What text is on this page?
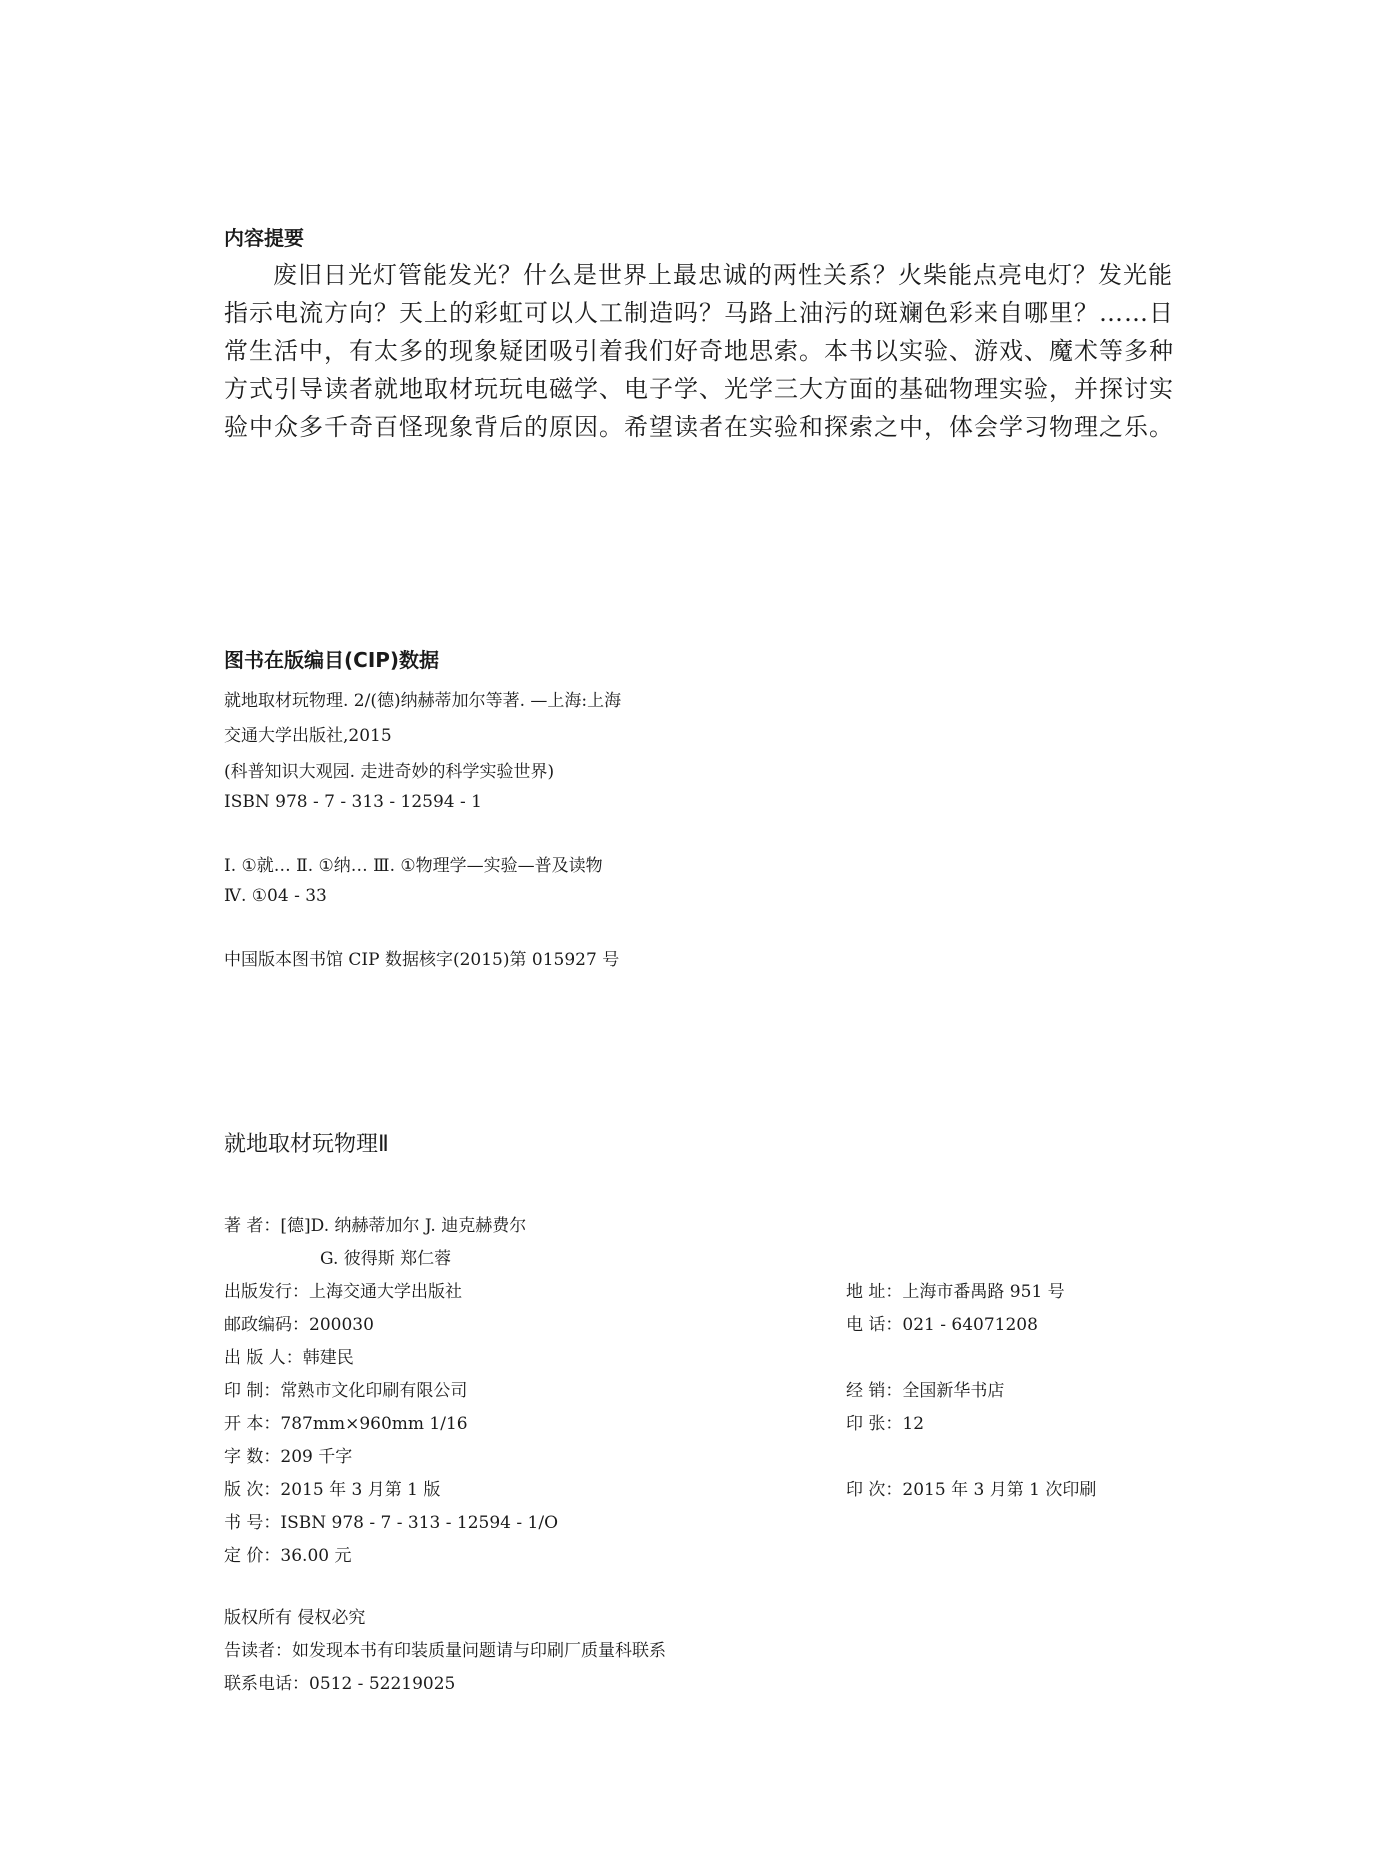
内容提要

废旧日光灯管能发光？什么是世界上最忠诚的两性关系？火柴能点亮电灯？发光能指示电流方向？天上的彩虹可以人工制造吗？马路上油污的斑斓色彩来自哪里？……日常生活中，有太多的现象疑团吸引着我们好奇地思索。本书以实验、游戏、魔术等多种方式引导读者就地取材玩玩电磁学、电子学、光学三大方面的基础物理实验，并探讨实验中众多千奇百怪现象背后的原因。希望读者在实验和探索之中，体会学习物理之乐。

图书在版编目(CIP)数据
就地取材玩物理. 2/(德)纳赫蒂加尔等著. —上海:上海
交通大学出版社,2015
(科普知识大观园. 走进奇妙的科学实验世界)
ISBN 978 - 7 - 313 - 12594 - 1
Ⅰ. ①就… Ⅱ. ①纳… Ⅲ. ①物理学—实验—普及读物
Ⅳ. ①04 - 33
中国版本图书馆 CIP 数据核字(2015)第 015927 号
就地取材玩物理Ⅱ
著 者：[德]D. 纳赫蒂加尔 J. 迪克赫费尔
G. 彼得斯 郑仁蓉
出版发行：上海交通大学出版社
邮政编码：200030
出 版 人：韩建民
印 制：常熟市文化印刷有限公司
开 本：787mm×960mm 1/16
字 数：209 千字
版 次：2015 年 3 月第 1 版
书 号：ISBN 978 - 7 - 313 - 12594 - 1/O
定 价：36.00 元
地 址：上海市番禺路 951 号
电 话：021 - 64071208
经 销：全国新华书店
印 张：12
印 次：2015 年 3 月第 1 次印刷
版权所有 侵权必究
告读者：如发现本书有印装质量问题请与印刷厂质量科联系
联系电话：0512 - 52219025
